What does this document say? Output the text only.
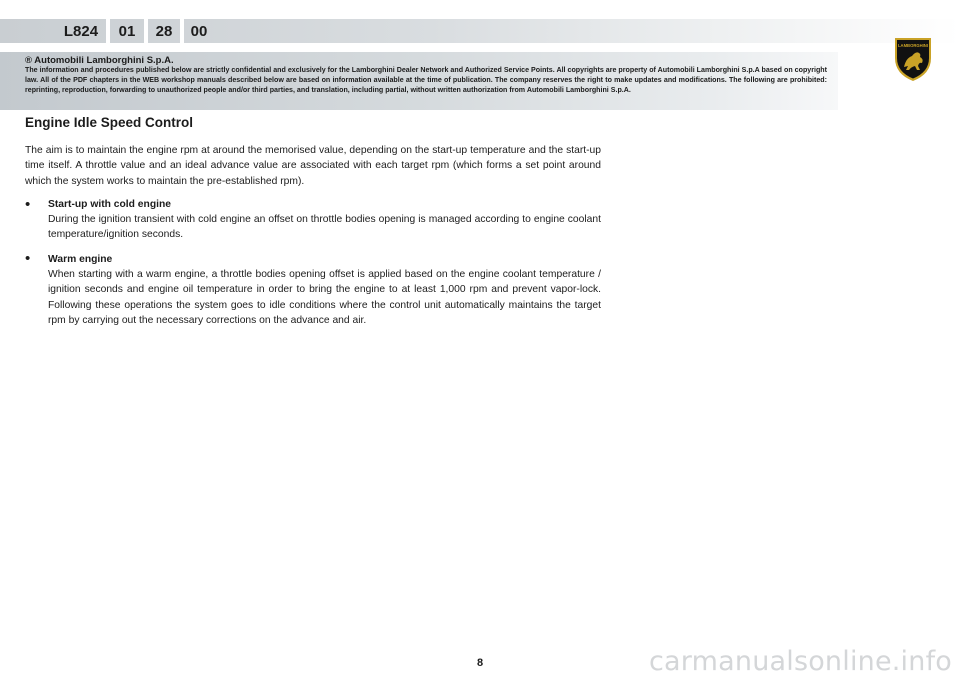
L824	01	28	00
LAMBORGHINI
® Automobili Lamborghini S.p.A.
The information and procedures published below are strictly confidential and exclusively for the Lamborghini Dealer Network and Authorized Service Points. All copyrights are property of Automobili Lamborghini S.p.A based on copyright law. All of the PDF chapters in the WEB workshop manuals described below are based on information available at the time of publication. The company reserves the right to make updates and modifications. The following are prohibited: reprinting, reproduction, forwarding to unauthorized people and/or third parties, and translation, including partial, without written authorization from Automobili Lamborghini S.p.A.
Engine Idle Speed Control
The aim is to maintain the engine rpm at around the memorised value, depending on the start-up temperature and the start-up time itself. A throttle value and an ideal advance value are associated with each target rpm (which forms a set point around which the system works to maintain the pre-established rpm).
• Start-up with cold engine
During the ignition transient with cold engine an offset on throttle bodies opening is managed according to engine coolant temperature/ignition seconds.
• Warm engine
When starting with a warm engine, a throttle bodies opening offset is applied based on the engine coolant temperature / ignition seconds and engine oil temperature in order to bring the engine to at least 1,000 rpm and prevent vapor-lock. Following these operations the system goes to idle conditions where the control unit automatically maintains the target rpm by carrying out the necessary corrections on the advance and air.
8	carmanualsonline.info
